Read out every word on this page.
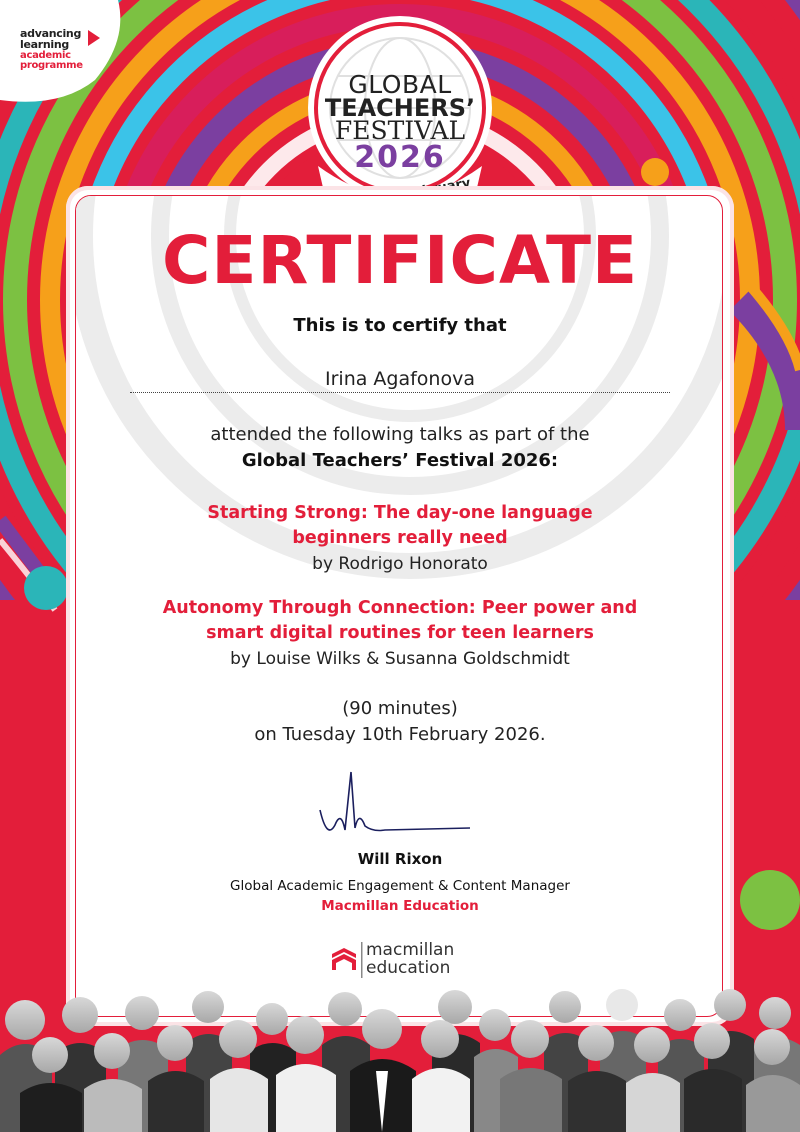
advancing
learning
academic
programme
GLOBAL
TEACHERS’
FESTIVAL
2026
CERTIFICATE
This is to certify that
Irina Agafonova
attended the following talks as part of the
Global Teachers’ Festival 2026:
Starting Strong: The day-one language
beginners really need
by Rodrigo Honorato
Autonomy Through Connection: Peer power and
smart digital routines for teen learners
by Louise Wilks & Susanna Goldschmidt
(90 minutes)
on Tuesday 10th February 2026.
Will Rixon
Global Academic Engagement & Content Manager
Macmillan Education
macmillan
education
